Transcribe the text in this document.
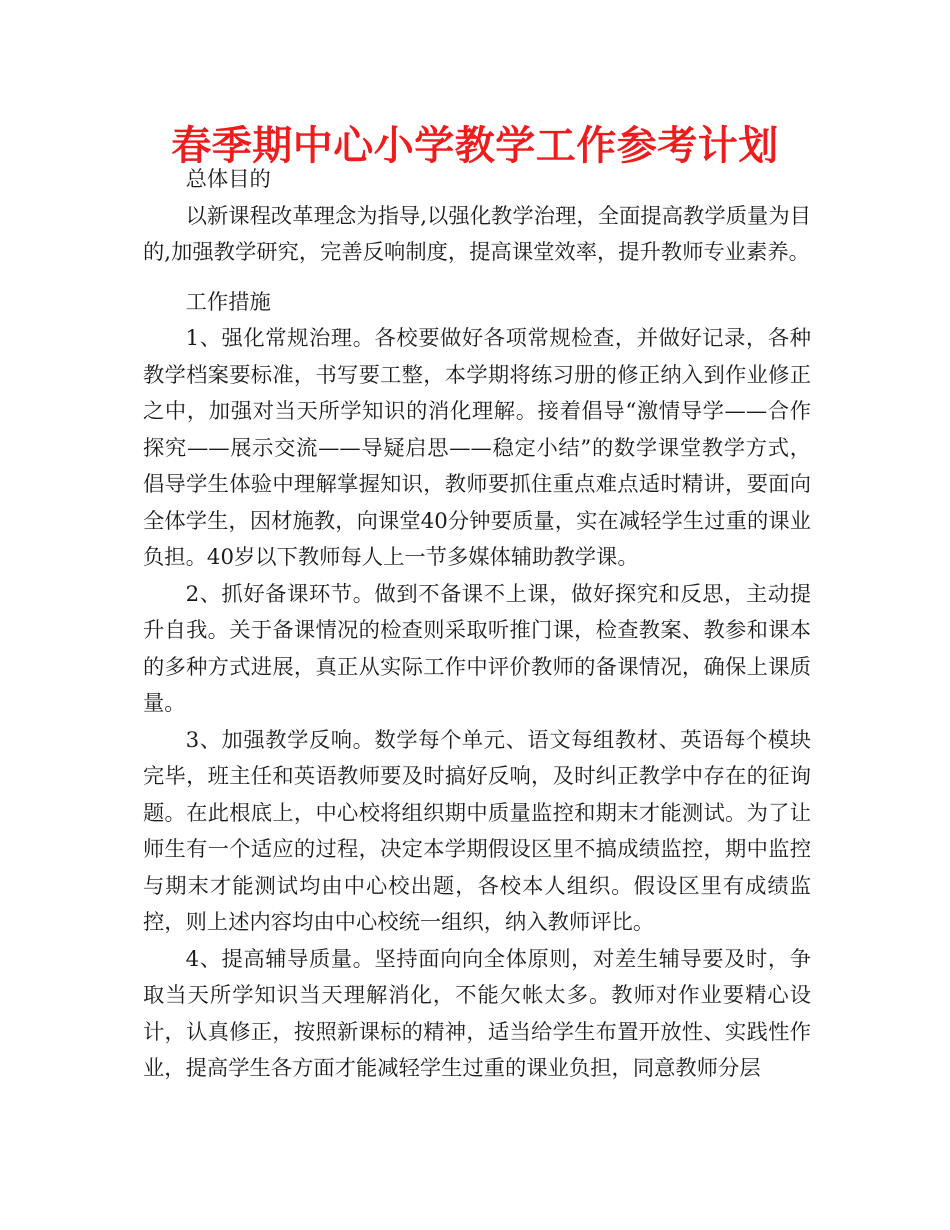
春季期中心小学教学工作参考计划

总体目的

以新课程改革理念为指导,以强化教学治理，全面提高教学质量为目的,加强教学研究，完善反响制度，提高课堂效率，提升教师专业素养。

工作措施

1、强化常规治理。各校要做好各项常规检查，并做好记录，各种教学档案要标准，书写要工整，本学期将练习册的修正纳入到作业修正之中，加强对当天所学知识的消化理解。接着倡导“激情导学——合作探究——展示交流——导疑启思——稳定小结”的数学课堂教学方式，倡导学生体验中理解掌握知识，教师要抓住重点难点适时精讲，要面向全体学生，因材施教，向课堂40分钟要质量，实在减轻学生过重的课业负担。40岁以下教师每人上一节多媒体辅助教学课。

2、抓好备课环节。做到不备课不上课，做好探究和反思，主动提升自我。关于备课情况的检查则采取听推门课，检查教案、教参和课本的多种方式进展，真正从实际工作中评价教师的备课情况，确保上课质量。

3、加强教学反响。数学每个单元、语文每组教材、英语每个模块完毕，班主任和英语教师要及时搞好反响，及时纠正教学中存在的征询题。在此根底上，中心校将组织期中质量监控和期末才能测试。为了让师生有一个适应的过程，决定本学期假设区里不搞成绩监控，期中监控与期末才能测试均由中心校出题，各校本人组织。假设区里有成绩监控，则上述内容均由中心校统一组织，纳入教师评比。

4、提高辅导质量。坚持面向向全体原则，对差生辅导要及时，争取当天所学知识当天理解消化，不能欠帐太多。教师对作业要精心设计，认真修正，按照新课标的精神，适当给学生布置开放性、实践性作业，提高学生各方面才能减轻学生过重的课业负担，同意教师分层
